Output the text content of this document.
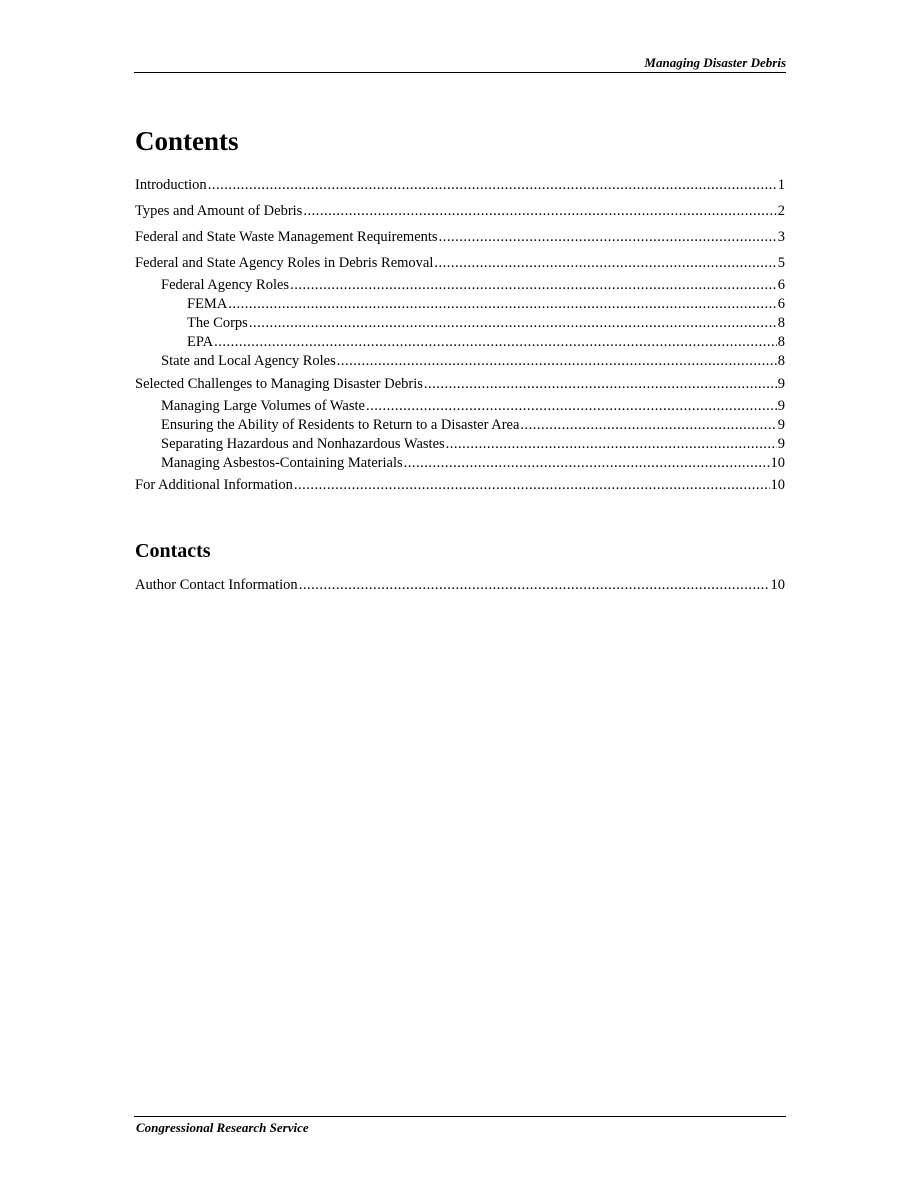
Managing Disaster Debris
Contents
Introduction .....	1
Types and Amount of Debris .....	2
Federal and State Waste Management Requirements .....	3
Federal and State Agency Roles in Debris Removal .....	5
Federal Agency Roles .....	6
FEMA .....	6
The Corps .....	8
EPA .....	8
State and Local Agency Roles .....	8
Selected Challenges to Managing Disaster Debris .....	9
Managing Large Volumes of Waste .....	9
Ensuring the Ability of Residents to Return to a Disaster Area .....	9
Separating Hazardous and Nonhazardous Wastes .....	9
Managing Asbestos-Containing Materials .....	10
For Additional Information .....	10
Contacts
Author Contact Information .....	10
Congressional Research Service
